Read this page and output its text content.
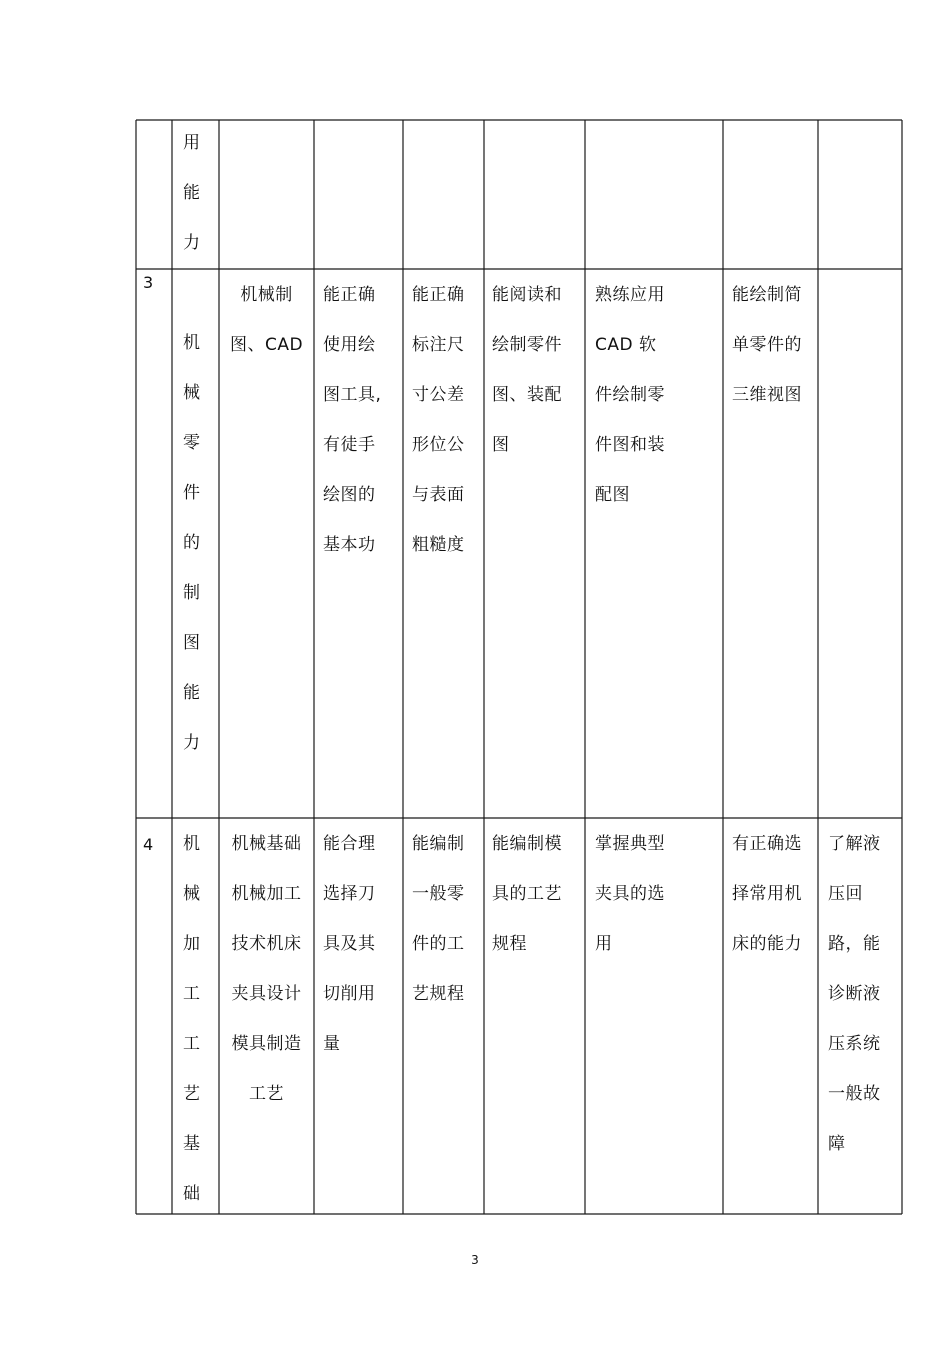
用
能
力
3
机
械
零
件
的
制
图
能
力
机械制
图、CAD
能正确
使用绘
图工具,
有徒手
绘图的
基本功
能正确
标注尺
寸公差
形位公
与表面
粗糙度
能阅读和
绘制零件
图、装配
图
熟练应用
CAD 软
件绘制零
件图和装
配图
能绘制简
单零件的
三维视图
4 机
械
加
工
工
艺
基
础
机械基础
机械加工
技术机床
夹具设计
模具制造
工艺
能合理
选择刀
具及其
切削用
量
能编制
一般零
件的工
艺规程
能编制模
具的工艺
规程
掌握典型
夹具的选
用
有正确选
择常用机
床的能力
了解液
压回
路，能
诊断液
压系统
一般故
障
3
